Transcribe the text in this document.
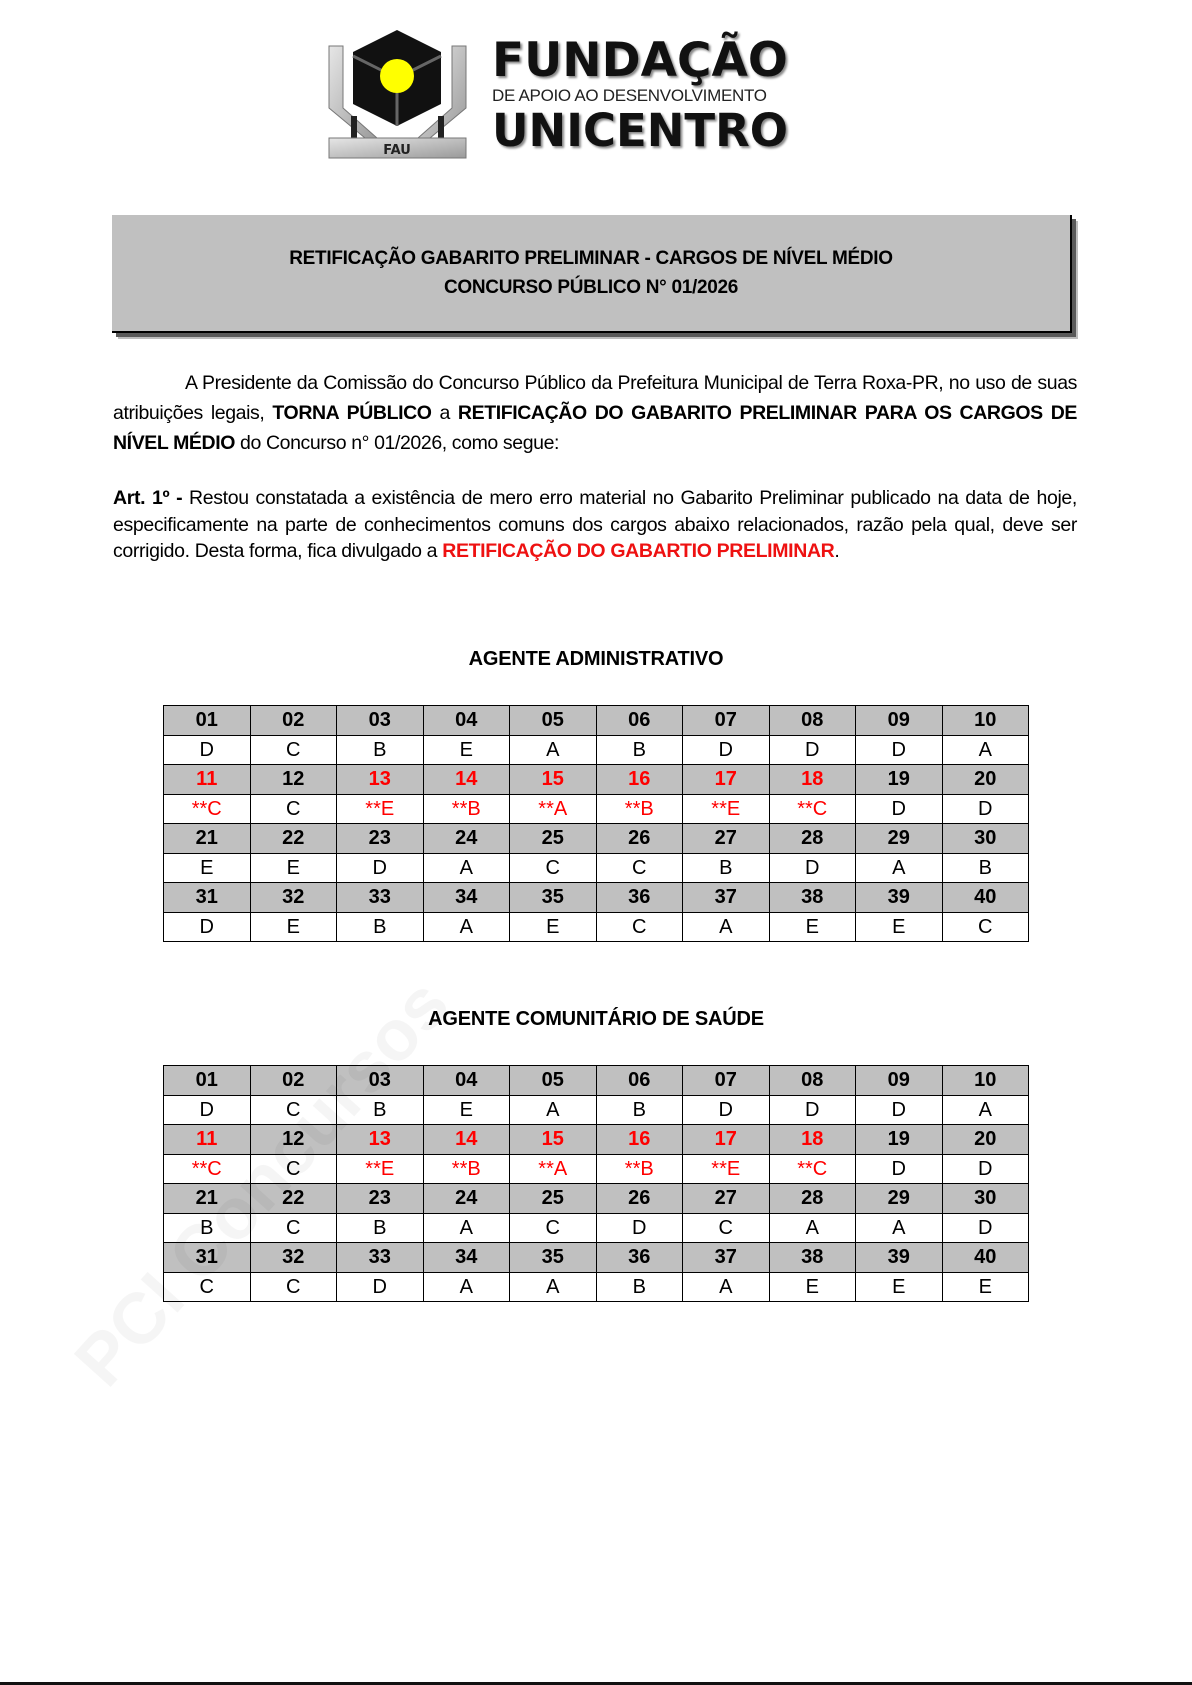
FAU
FUNDAÇÃO
DE APOIO AO DESENVOLVIMENTO
UNICENTRO
RETIFICAÇÃO GABARITO PRELIMINAR - CARGOS DE NÍVEL MÉDIO
CONCURSO PÚBLICO N° 01/2026
A Presidente da Comissão do Concurso Público da Prefeitura Municipal de Terra Roxa-PR, no uso de suas atribuições legais, TORNA PÚBLICO a RETIFICAÇÃO DO GABARITO PRELIMINAR PARA OS CARGOS DE NÍVEL MÉDIO do Concurso n° 01/2026, como segue:
Art. 1º - Restou constatada a existência de mero erro material no Gabarito Preliminar publicado na data de hoje, especificamente na parte de conhecimentos comuns dos cargos abaixo relacionados, razão pela qual, deve ser corrigido. Desta forma, fica divulgado a RETIFICAÇÃO DO GABARTIO PRELIMINAR.
AGENTE ADMINISTRATIVO
01	02	03	04	05	06	07	08	09	10
D	C	B	E	A	B	D	D	D	A
11	12	13	14	15	16	17	18	19	20
**C	C	**E	**B	**A	**B	**E	**C	D	D
21	22	23	24	25	26	27	28	29	30
E	E	D	A	C	C	B	D	A	B
31	32	33	34	35	36	37	38	39	40
D	E	B	A	E	C	A	E	E	C
AGENTE COMUNITÁRIO DE SAÚDE
01	02	03	04	05	06	07	08	09	10
D	C	B	E	A	B	D	D	D	A
11	12	13	14	15	16	17	18	19	20
**C	C	**E	**B	**A	**B	**E	**C	D	D
21	22	23	24	25	26	27	28	29	30
B	C	B	A	C	D	C	A	A	D
31	32	33	34	35	36	37	38	39	40
C	C	D	A	A	B	A	E	E	E
